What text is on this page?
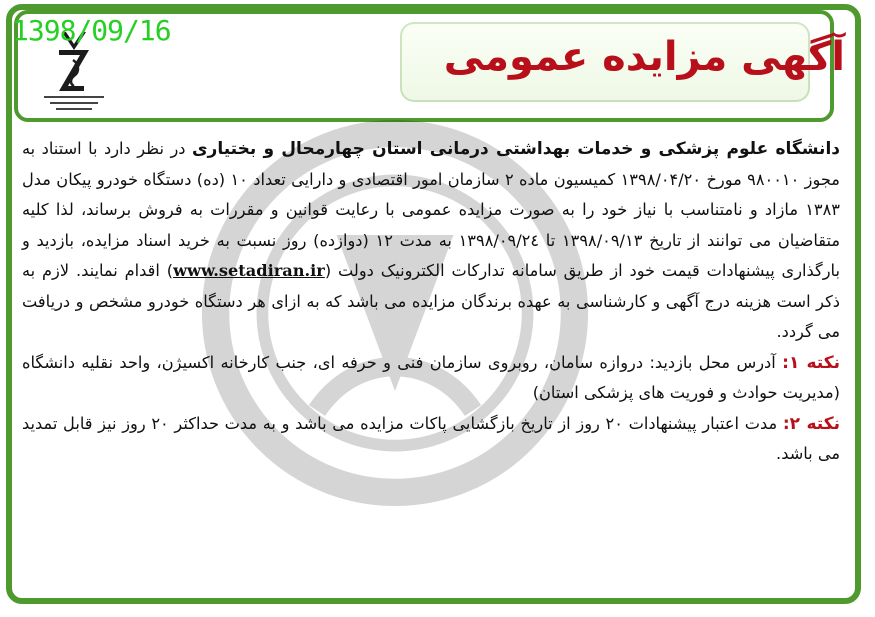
1398/09/16
آگهی مزایده عمومی

دانشگاه علوم پزشکی و خدمات بهداشتی درمانی استان چهارمحال و بختیاری در نظر دارد با استناد به مجوز ۹۸۰۰۱۰ مورخ ۱۳۹۸/۰۴/۲۰ کمیسیون ماده ۲ سازمان امور اقتصادی و دارایی تعداد ۱۰ (ده) دستگاه خودرو پیکان مدل ۱۳۸۳ مازاد و نامتناسب با نیاز خود را به صورت مزایده عمومی با رعایت قوانین و مقررات به فروش برساند، لذا کلیه متقاضیان می توانند از تاریخ ۱۳۹۸/۰۹/۱۳ تا ۱۳۹۸/۰۹/۲٤ به مدت ۱۲ (دوازده) روز نسبت به خرید اسناد مزایده، بازدید و بارگذاری پیشنهادات قیمت خود از طریق سامانه تدارکات الکترونیک دولت (www.setadiran.ir) اقدام نمایند. لازم به ذکر است هزینه درج آگهی و کارشناسی به عهده برندگان مزایده می باشد که به ازای هر دستگاه خودرو مشخص و دریافت می گردد.

نکته ۱: آدرس محل بازدید: دروازه سامان، روبروی سازمان فنی و حرفه ای، جنب کارخانه اکسیژن، واحد نقلیه دانشگاه (مدیریت حوادث و فوریت های پزشکی استان)

نکته ۲: مدت اعتبار پیشنهادات ۲۰ روز از تاریخ بازگشایی پاکات مزایده می باشد و به مدت حداکثر ۲۰ روز نیز قابل تمدید می باشد.
